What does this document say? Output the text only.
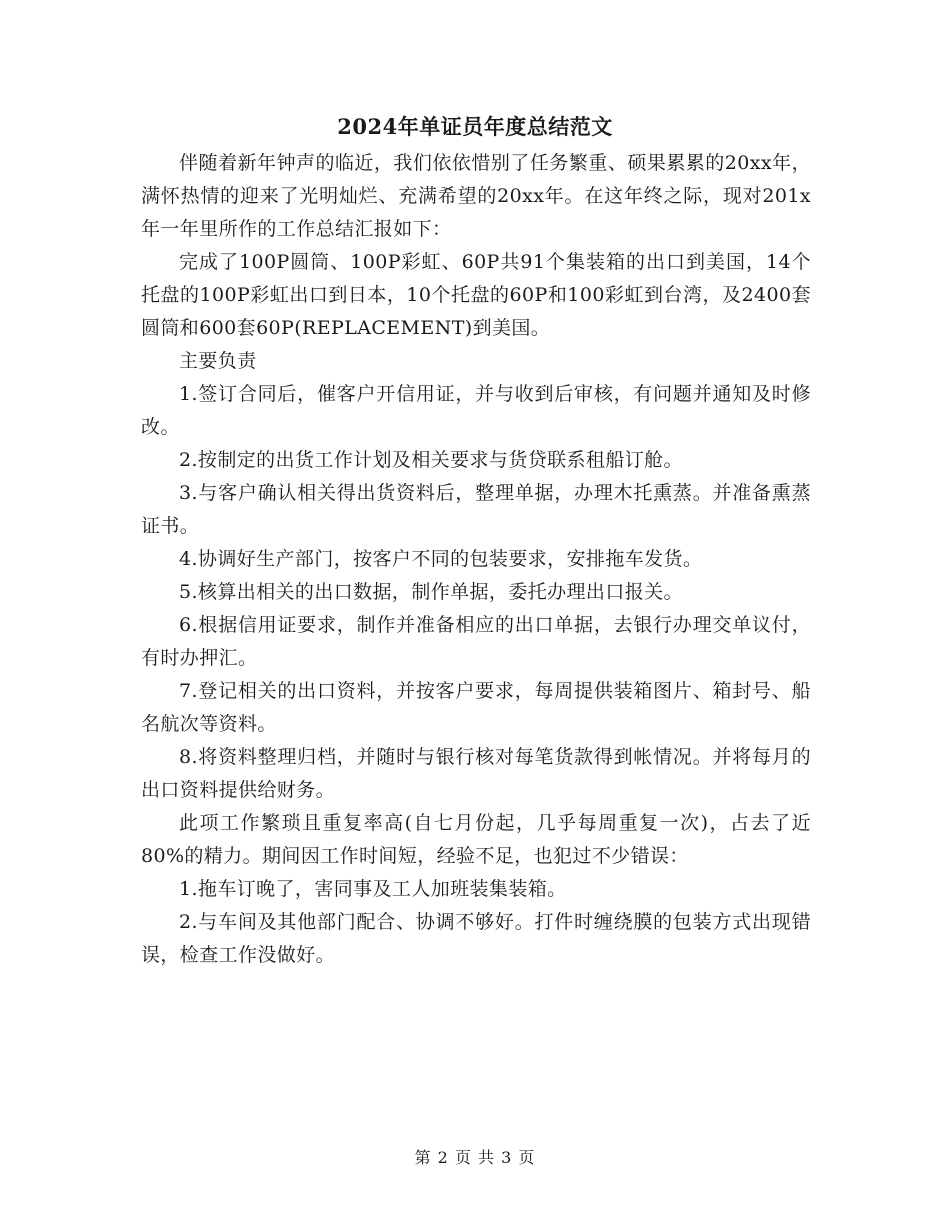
2024年单证员年度总结范文

伴随着新年钟声的临近，我们依依惜别了任务繁重、硕果累累的20xx年，满怀热情的迎来了光明灿烂、充满希望的20xx年。在这年终之际，现对201x年一年里所作的工作总结汇报如下：

完成了100P圆筒、100P彩虹、60P共91个集装箱的出口到美国，14个托盘的100P彩虹出口到日本，10个托盘的60P和100彩虹到台湾，及2400套圆筒和600套60P(REPLACEMENT)到美国。

主要负责

1.签订合同后，催客户开信用证，并与收到后审核，有问题并通知及时修改。

2.按制定的出货工作计划及相关要求与货贷联系租船订舱。

3.与客户确认相关得出货资料后，整理单据，办理木托熏蒸。并准备熏蒸证书。

4.协调好生产部门，按客户不同的包装要求，安排拖车发货。

5.核算出相关的出口数据，制作单据，委托办理出口报关。

6.根据信用证要求，制作并准备相应的出口单据，去银行办理交单议付，有时办押汇。

7.登记相关的出口资料，并按客户要求，每周提供装箱图片、箱封号、船名航次等资料。

8.将资料整理归档，并随时与银行核对每笔货款得到帐情况。并将每月的出口资料提供给财务。

此项工作繁琐且重复率高(自七月份起，几乎每周重复一次)，占去了近80%的精力。期间因工作时间短，经验不足，也犯过不少错误：

1.拖车订晚了，害同事及工人加班装集装箱。

2.与车间及其他部门配合、协调不够好。打件时缠绕膜的包装方式出现错误，检查工作没做好。

第 2 页 共 3 页
